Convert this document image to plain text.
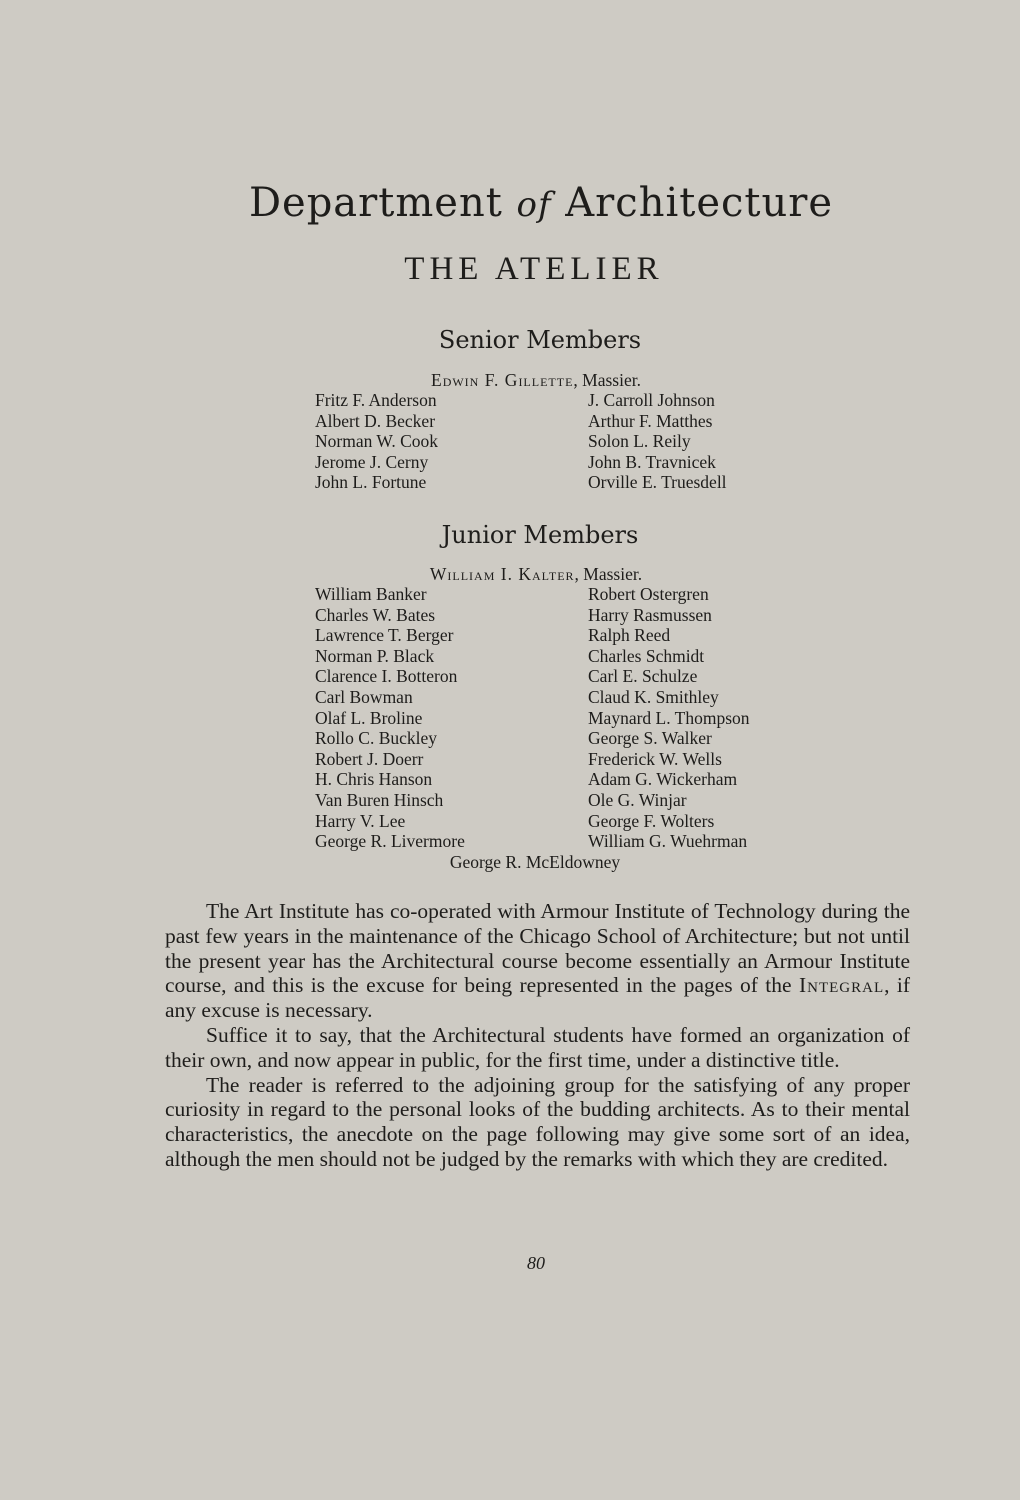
Department of Architecture
THE ATELIER
Senior Members
Edwin F. Gillette, Massier.
Fritz F. Anderson	J. Carroll Johnson
Albert D. Becker	Arthur F. Matthes
Norman W. Cook	Solon L. Reily
Jerome J. Cerny	John B. Travnicek
John L. Fortune	Orville E. Truesdell
Junior Members
William I. Kalter, Massier.
William Banker	Robert Ostergren
Charles W. Bates	Harry Rasmussen
Lawrence T. Berger	Ralph Reed
Norman P. Black	Charles Schmidt
Clarence I. Botteron	Carl E. Schulze
Carl Bowman	Claud K. Smithley
Olaf L. Broline	Maynard L. Thompson
Rollo C. Buckley	George S. Walker
Robert J. Doerr	Frederick W. Wells
H. Chris Hanson	Adam G. Wickerham
Van Buren Hinsch	Ole G. Winjar
Harry V. Lee	George F. Wolters
George R. Livermore	William G. Wuehrman
George R. McEldowney

The Art Institute has co-operated with Armour Institute of Technology during the past few years in the maintenance of the Chicago School of Architecture; but not until the present year has the Architectural course become essentially an Armour Institute course, and this is the excuse for being represented in the pages of the Integral, if any excuse is necessary.

Suffice it to say, that the Architectural students have formed an organization of their own, and now appear in public, for the first time, under a distinctive title.

The reader is referred to the adjoining group for the satisfying of any proper curiosity in regard to the personal looks of the budding architects. As to their mental characteristics, the anecdote on the page following may give some sort of an idea, although the men should not be judged by the remarks with which they are credited.

80
